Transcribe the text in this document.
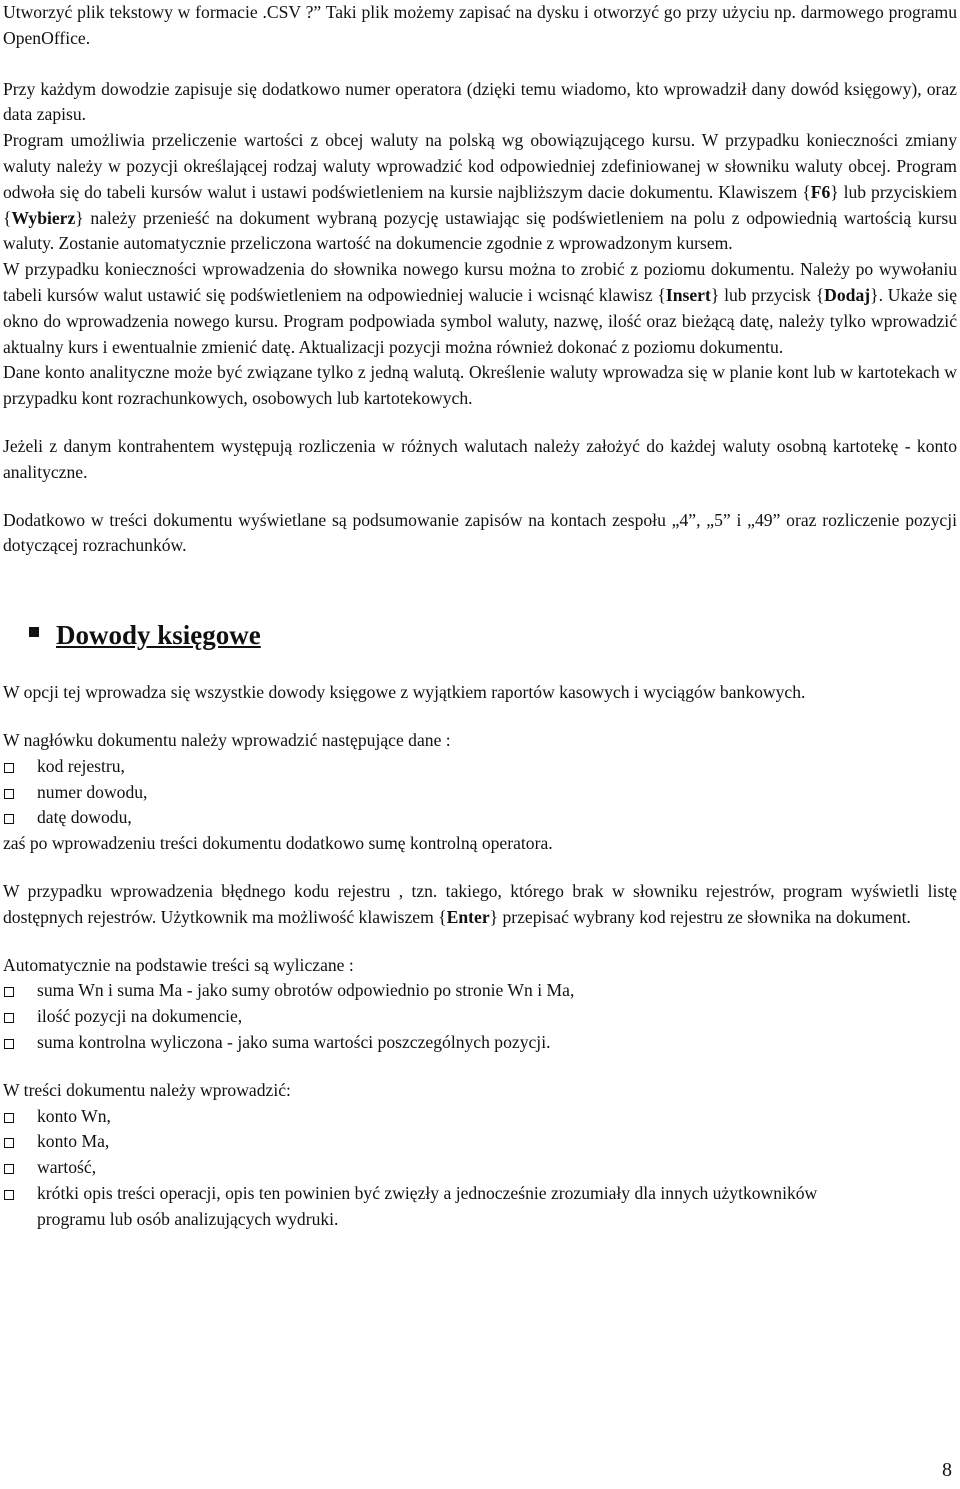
Utworzyć plik tekstowy w formacie .CSV ?” Taki plik możemy zapisać na dysku i otworzyć go przy użyciu np. darmowego programu OpenOffice.

Przy każdym dowodzie zapisuje się dodatkowo numer operatora (dzięki temu wiadomo, kto wprowadził dany dowód księgowy), oraz data zapisu.

Program umożliwia przeliczenie wartości z obcej waluty na polską wg obowiązującego kursu. W przypadku konieczności zmiany waluty należy w pozycji określającej rodzaj waluty wprowadzić kod odpowiedniej zdefiniowanej w słowniku waluty obcej. Program odwoła się do tabeli kursów walut i ustawi podświetleniem na kursie najbliższym dacie dokumentu. Klawiszem {F6} lub przyciskiem {Wybierz} należy przenieść na dokument wybraną pozycję ustawiając się podświetleniem na polu z odpowiednią wartością kursu waluty. Zostanie automatycznie przeliczona wartość na dokumencie zgodnie z wprowadzonym kursem.

W przypadku konieczności wprowadzenia do słownika nowego kursu można to zrobić z poziomu dokumentu. Należy po wywołaniu tabeli kursów walut ustawić się podświetleniem na odpowiedniej walucie i wcisnąć klawisz {Insert} lub przycisk {Dodaj}. Ukaże się okno do wprowadzenia nowego kursu. Program podpowiada symbol waluty, nazwę, ilość oraz bieżącą datę, należy tylko wprowadzić aktualny kurs i ewentualnie zmienić datę. Aktualizacji pozycji można również dokonać z poziomu dokumentu.

Dane konto analityczne może być związane tylko z jedną walutą. Określenie waluty wprowadza się w planie kont lub w kartotekach w przypadku kont rozrachunkowych, osobowych lub kartotekowych.

Jeżeli z danym kontrahentem występują rozliczenia w różnych walutach należy założyć do każdej waluty osobną kartotekę - konto analityczne.

Dodatkowo w treści dokumentu wyświetlane są podsumowanie zapisów na kontach zespołu „4”, „5” i „49” oraz rozliczenie pozycji dotyczącej rozrachunków.

Dowody księgowe

W opcji tej wprowadza się wszystkie dowody księgowe z wyjątkiem raportów kasowych i wyciągów bankowych.

W nagłówku dokumentu należy wprowadzić następujące dane :

kod rejestru,
numer dowodu,
datę dowodu,

zaś po wprowadzeniu treści dokumentu dodatkowo sumę kontrolną operatora.

W przypadku wprowadzenia błędnego kodu rejestru , tzn. takiego, którego brak w słowniku rejestrów, program wyświetli listę dostępnych rejestrów. Użytkownik ma możliwość klawiszem {Enter} przepisać wybrany kod rejestru ze słownika na dokument.

Automatycznie na podstawie treści są wyliczane :

suma Wn i suma Ma - jako sumy obrotów odpowiednio po stronie Wn i Ma,
ilość pozycji na dokumencie,
suma kontrolna wyliczona - jako suma wartości poszczególnych pozycji.

W treści dokumentu należy wprowadzić:

konto Wn,
konto Ma,
wartość,
krótki opis treści operacji, opis ten powinien być zwięzły a jednocześnie zrozumiały dla innych użytkowników programu lub osób analizujących wydruki.
8
